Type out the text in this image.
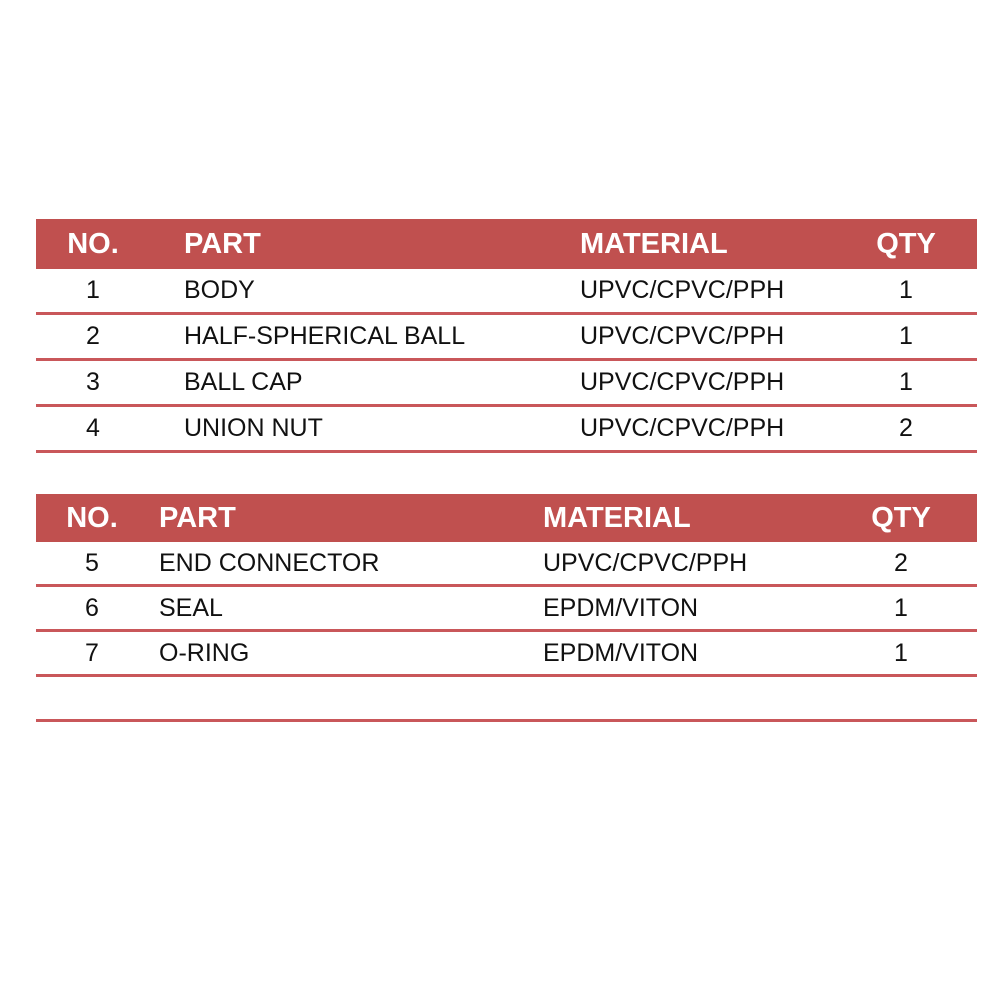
NO.	PART	MATERIAL	QTY
1	BODY	UPVC/CPVC/PPH	1
2	HALF-SPHERICAL BALL	UPVC/CPVC/PPH	1
3	BALL CAP	UPVC/CPVC/PPH	1
4	UNION NUT	UPVC/CPVC/PPH	2
NO.	PART	MATERIAL	QTY
5	END CONNECTOR	UPVC/CPVC/PPH	2
6	SEAL	EPDM/VITON	1
7	O-RING	EPDM/VITON	1
